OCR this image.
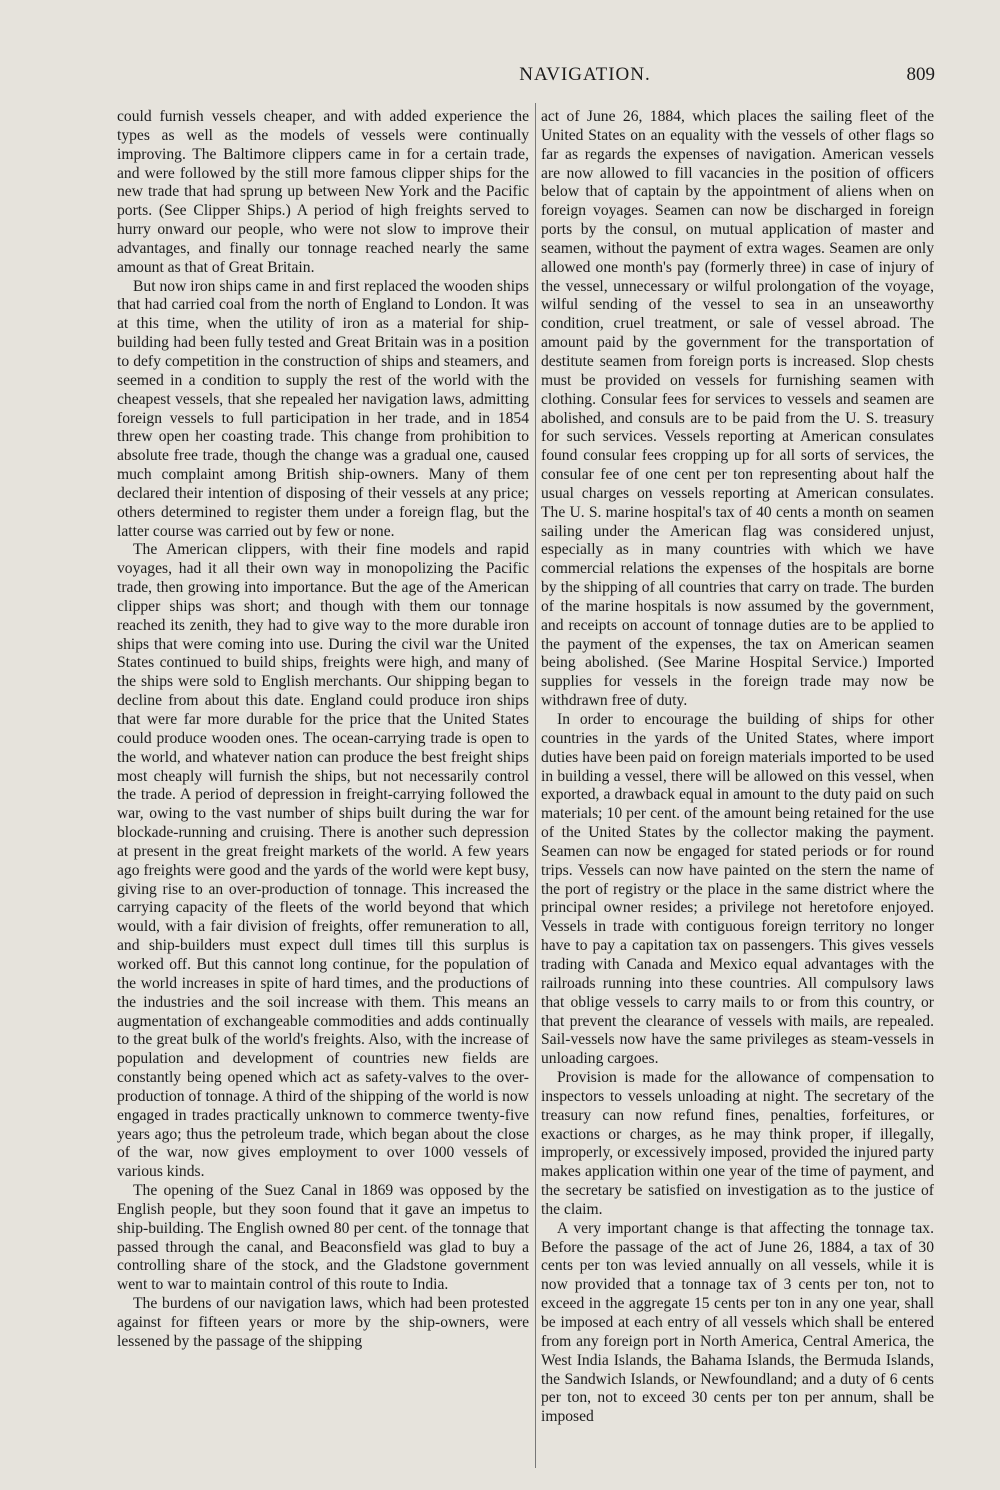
NAVIGATION.	809

could furnish vessels cheaper, and with added experience the types as well as the models of vessels were continually improving. The Baltimore clippers came in for a certain trade, and were followed by the still more famous clipper ships for the new trade that had sprung up between New York and the Pacific ports. (See Clipper Ships.) A period of high freights served to hurry onward our people, who were not slow to improve their advantages, and finally our tonnage reached nearly the same amount as that of Great Britain.

But now iron ships came in and first replaced the wooden ships that had carried coal from the north of England to London. It was at this time, when the utility of iron as a material for ship-building had been fully tested and Great Britain was in a position to defy competition in the construction of ships and steamers, and seemed in a condition to supply the rest of the world with the cheapest vessels, that she repealed her navigation laws, admitting foreign vessels to full participation in her trade, and in 1854 threw open her coasting trade. This change from prohibition to absolute free trade, though the change was a gradual one, caused much complaint among British ship-owners. Many of them declared their intention of disposing of their vessels at any price; others determined to register them under a foreign flag, but the latter course was carried out by few or none.

The American clippers, with their fine models and rapid voyages, had it all their own way in monopolizing the Pacific trade, then growing into importance. But the age of the American clipper ships was short; and though with them our tonnage reached its zenith, they had to give way to the more durable iron ships that were coming into use. During the civil war the United States continued to build ships, freights were high, and many of the ships were sold to English merchants. Our shipping began to decline from about this date. England could produce iron ships that were far more durable for the price that the United States could produce wooden ones. The ocean-carrying trade is open to the world, and whatever nation can produce the best freight ships most cheaply will furnish the ships, but not necessarily control the trade. A period of depression in freight-carrying followed the war, owing to the vast number of ships built during the war for blockade-running and cruising. There is another such depression at present in the great freight markets of the world. A few years ago freights were good and the yards of the world were kept busy, giving rise to an over-production of tonnage. This increased the carrying capacity of the fleets of the world beyond that which would, with a fair division of freights, offer remuneration to all, and ship-builders must expect dull times till this surplus is worked off. But this cannot long continue, for the population of the world increases in spite of hard times, and the productions of the industries and the soil increase with them. This means an augmentation of exchangeable commodities and adds continually to the great bulk of the world's freights. Also, with the increase of population and development of countries new fields are constantly being opened which act as safety-valves to the over-production of tonnage. A third of the shipping of the world is now engaged in trades practically unknown to commerce twenty-five years ago; thus the petroleum trade, which began about the close of the war, now gives employment to over 1000 vessels of various kinds.

The opening of the Suez Canal in 1869 was opposed by the English people, but they soon found that it gave an impetus to ship-building. The English owned 80 per cent. of the tonnage that passed through the canal, and Beaconsfield was glad to buy a controlling share of the stock, and the Gladstone government went to war to maintain control of this route to India.

The burdens of our navigation laws, which had been protested against for fifteen years or more by the ship-owners, were lessened by the passage of the shipping

act of June 26, 1884, which places the sailing fleet of the United States on an equality with the vessels of other flags so far as regards the expenses of navigation. American vessels are now allowed to fill vacancies in the position of officers below that of captain by the appointment of aliens when on foreign voyages. Seamen can now be discharged in foreign ports by the consul, on mutual application of master and seamen, without the payment of extra wages. Seamen are only allowed one month's pay (formerly three) in case of injury of the vessel, unnecessary or wilful prolongation of the voyage, wilful sending of the vessel to sea in an unseaworthy condition, cruel treatment, or sale of vessel abroad. The amount paid by the government for the transportation of destitute seamen from foreign ports is increased. Slop chests must be provided on vessels for furnishing seamen with clothing. Consular fees for services to vessels and seamen are abolished, and consuls are to be paid from the U. S. treasury for such services. Vessels reporting at American consulates found consular fees cropping up for all sorts of services, the consular fee of one cent per ton representing about half the usual charges on vessels reporting at American consulates. The U. S. marine hospital's tax of 40 cents a month on seamen sailing under the American flag was considered unjust, especially as in many countries with which we have commercial relations the expenses of the hospitals are borne by the shipping of all countries that carry on trade. The burden of the marine hospitals is now assumed by the government, and receipts on account of tonnage duties are to be applied to the payment of the expenses, the tax on American seamen being abolished. (See Marine Hospital Service.) Imported supplies for vessels in the foreign trade may now be withdrawn free of duty.

In order to encourage the building of ships for other countries in the yards of the United States, where import duties have been paid on foreign materials imported to be used in building a vessel, there will be allowed on this vessel, when exported, a drawback equal in amount to the duty paid on such materials; 10 per cent. of the amount being retained for the use of the United States by the collector making the payment. Seamen can now be engaged for stated periods or for round trips. Vessels can now have painted on the stern the name of the port of registry or the place in the same district where the principal owner resides; a privilege not heretofore enjoyed. Vessels in trade with contiguous foreign territory no longer have to pay a capitation tax on passengers. This gives vessels trading with Canada and Mexico equal advantages with the railroads running into these countries. All compulsory laws that oblige vessels to carry mails to or from this country, or that prevent the clearance of vessels with mails, are repealed. Sail-vessels now have the same privileges as steam-vessels in unloading cargoes.

Provision is made for the allowance of compensation to inspectors to vessels unloading at night. The secretary of the treasury can now refund fines, penalties, forfeitures, or exactions or charges, as he may think proper, if illegally, improperly, or excessively imposed, provided the injured party makes application within one year of the time of payment, and the secretary be satisfied on investigation as to the justice of the claim.

A very important change is that affecting the tonnage tax. Before the passage of the act of June 26, 1884, a tax of 30 cents per ton was levied annually on all vessels, while it is now provided that a tonnage tax of 3 cents per ton, not to exceed in the aggregate 15 cents per ton in any one year, shall be imposed at each entry of all vessels which shall be entered from any foreign port in North America, Central America, the West India Islands, the Bahama Islands, the Bermuda Islands, the Sandwich Islands, or Newfoundland; and a duty of 6 cents per ton, not to exceed 30 cents per ton per annum, shall be imposed
